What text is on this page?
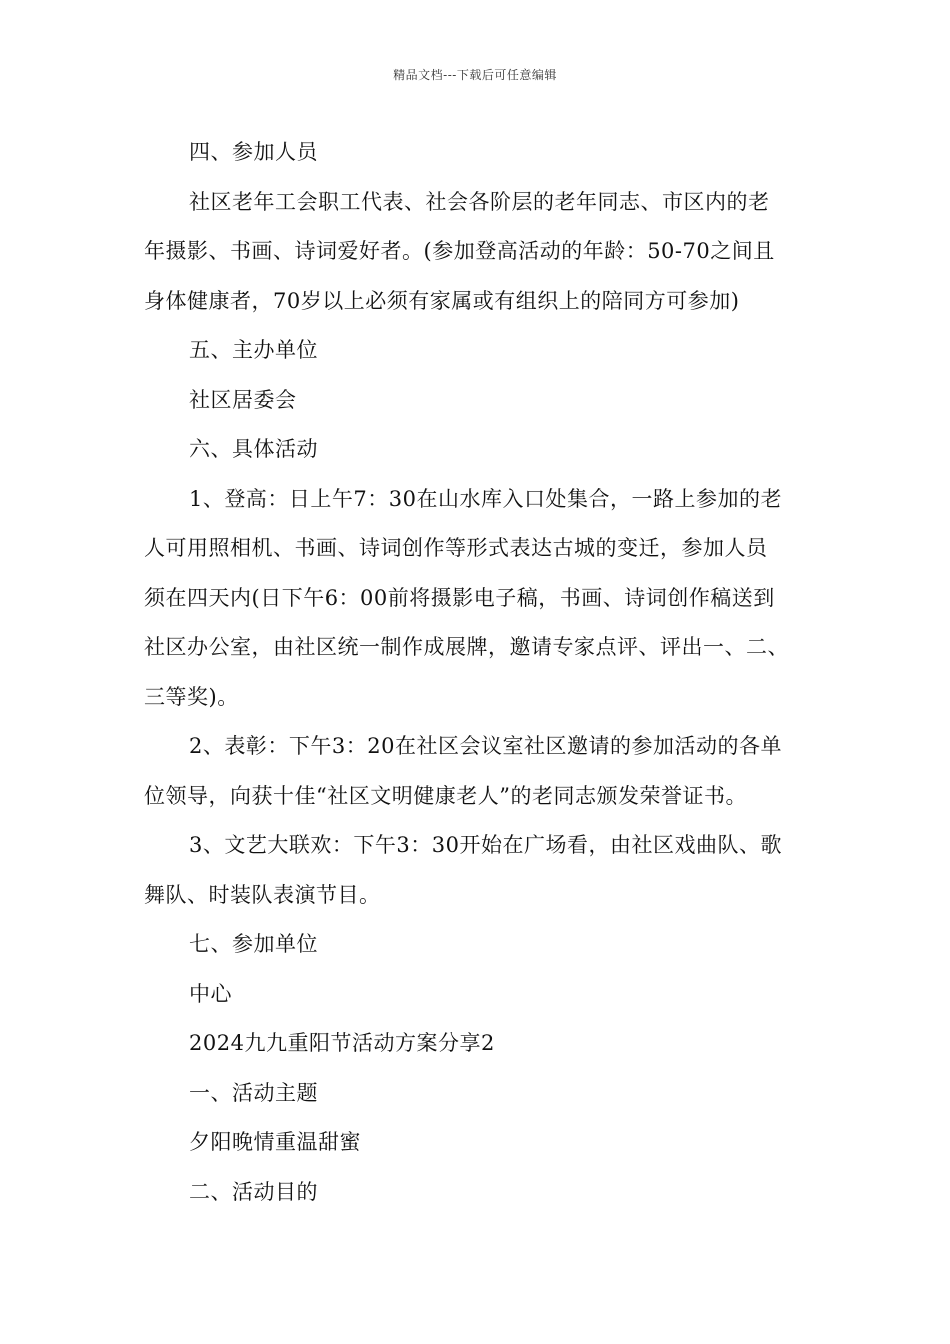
精品文档---下载后可任意编辑
四、参加人员
社区老年工会职工代表、社会各阶层的老年同志、市区内的老
年摄影、书画、诗词爱好者。(参加登高活动的年龄：50-70之间且
身体健康者，70岁以上必须有家属或有组织上的陪同方可参加)
五、主办单位
社区居委会
六、具体活动
1、登高：日上午7：30在山水库入口处集合，一路上参加的老
人可用照相机、书画、诗词创作等形式表达古城的变迁，参加人员
须在四天内(日下午6：00前将摄影电子稿，书画、诗词创作稿送到
社区办公室，由社区统一制作成展牌，邀请专家点评、评出一、二、
三等奖)。
2、表彰：下午3：20在社区会议室社区邀请的参加活动的各单
位领导，向获十佳“社区文明健康老人”的老同志颁发荣誉证书。
3、文艺大联欢：下午3：30开始在广场看，由社区戏曲队、歌
舞队、时装队表演节目。
七、参加单位
中心
2024九九重阳节活动方案分享2
一、活动主题
夕阳晚情重温甜蜜
二、活动目的
